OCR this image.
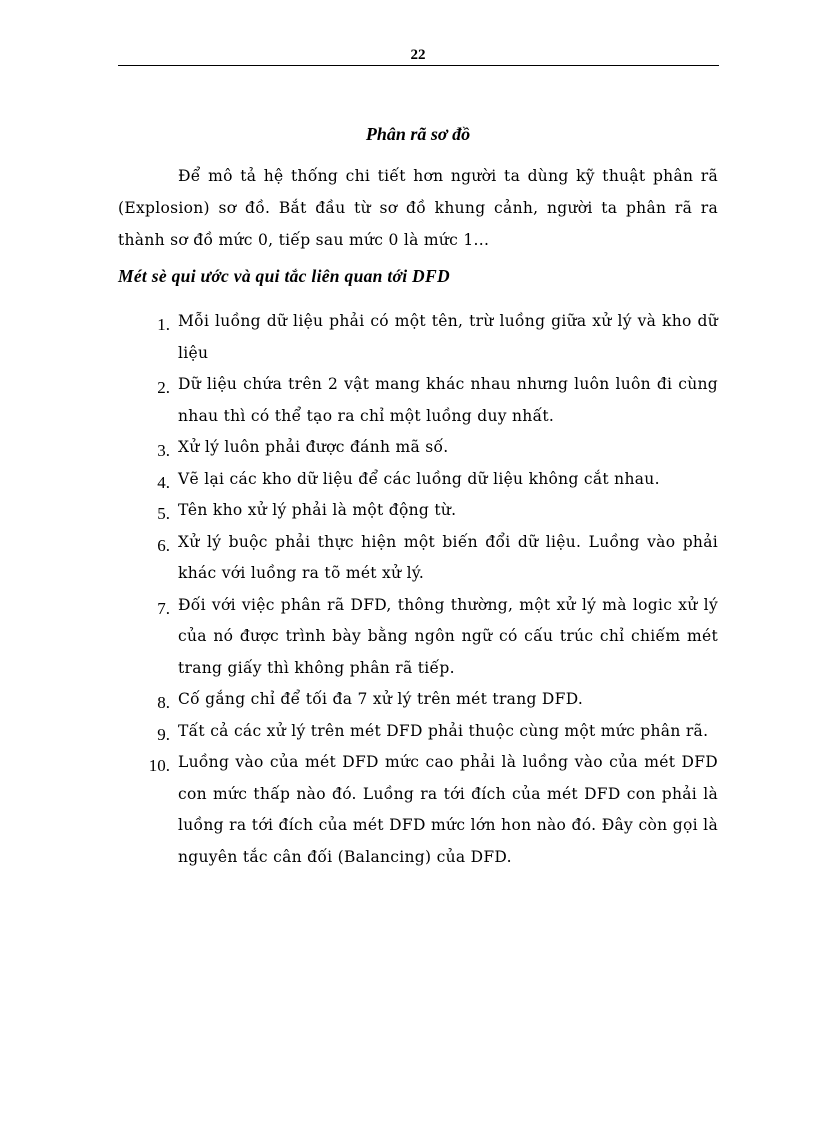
22
Phân rã sơ đồ

Để mô tả hệ thống chi tiết hơn người ta dùng kỹ thuật phân rã (Explosion) sơ đồ. Bắt đầu từ sơ đồ khung cảnh, người ta phân rã ra thành sơ đồ mức 0, tiếp sau mức 0 là mức 1...

Mét sè qui ước và qui tắc liên quan tới DFD
1. Mỗi luồng dữ liệu phải có một tên, trừ luồng giữa xử lý và kho dữ liệu
2. Dữ liệu chứa trên 2 vật mang khác nhau nhưng luôn luôn đi cùng nhau thì có thể tạo ra chỉ một luồng duy nhất.
3. Xử lý luôn phải được đánh mã số.
4. Vẽ lại các kho dữ liệu để các luồng dữ liệu không cắt nhau.
5. Tên kho xử lý phải là một động từ.
6. Xử lý buộc phải thực hiện một biến đổi dữ liệu. Luồng vào phải khác với luồng ra tõ mét xử lý.
7. Đối với việc phân rã DFD, thông thường, một xử lý mà logic xử lý của nó được trình bày bằng ngôn ngữ có cấu trúc chỉ chiếm mét trang giấy thì không phân rã tiếp.
8. Cố gắng chỉ để tối đa 7 xử lý trên mét trang DFD.
9. Tất cả các xử lý trên mét DFD phải thuộc cùng một mức phân rã.
10. Luồng vào của mét DFD mức cao phải là luồng vào của mét DFD con mức thấp nào đó. Luồng ra tới đích của mét DFD con phải là luồng ra tới đích của mét DFD mức lớn hon nào đó. Đây còn gọi là nguyên tắc cân đối (Balancing) của DFD.
